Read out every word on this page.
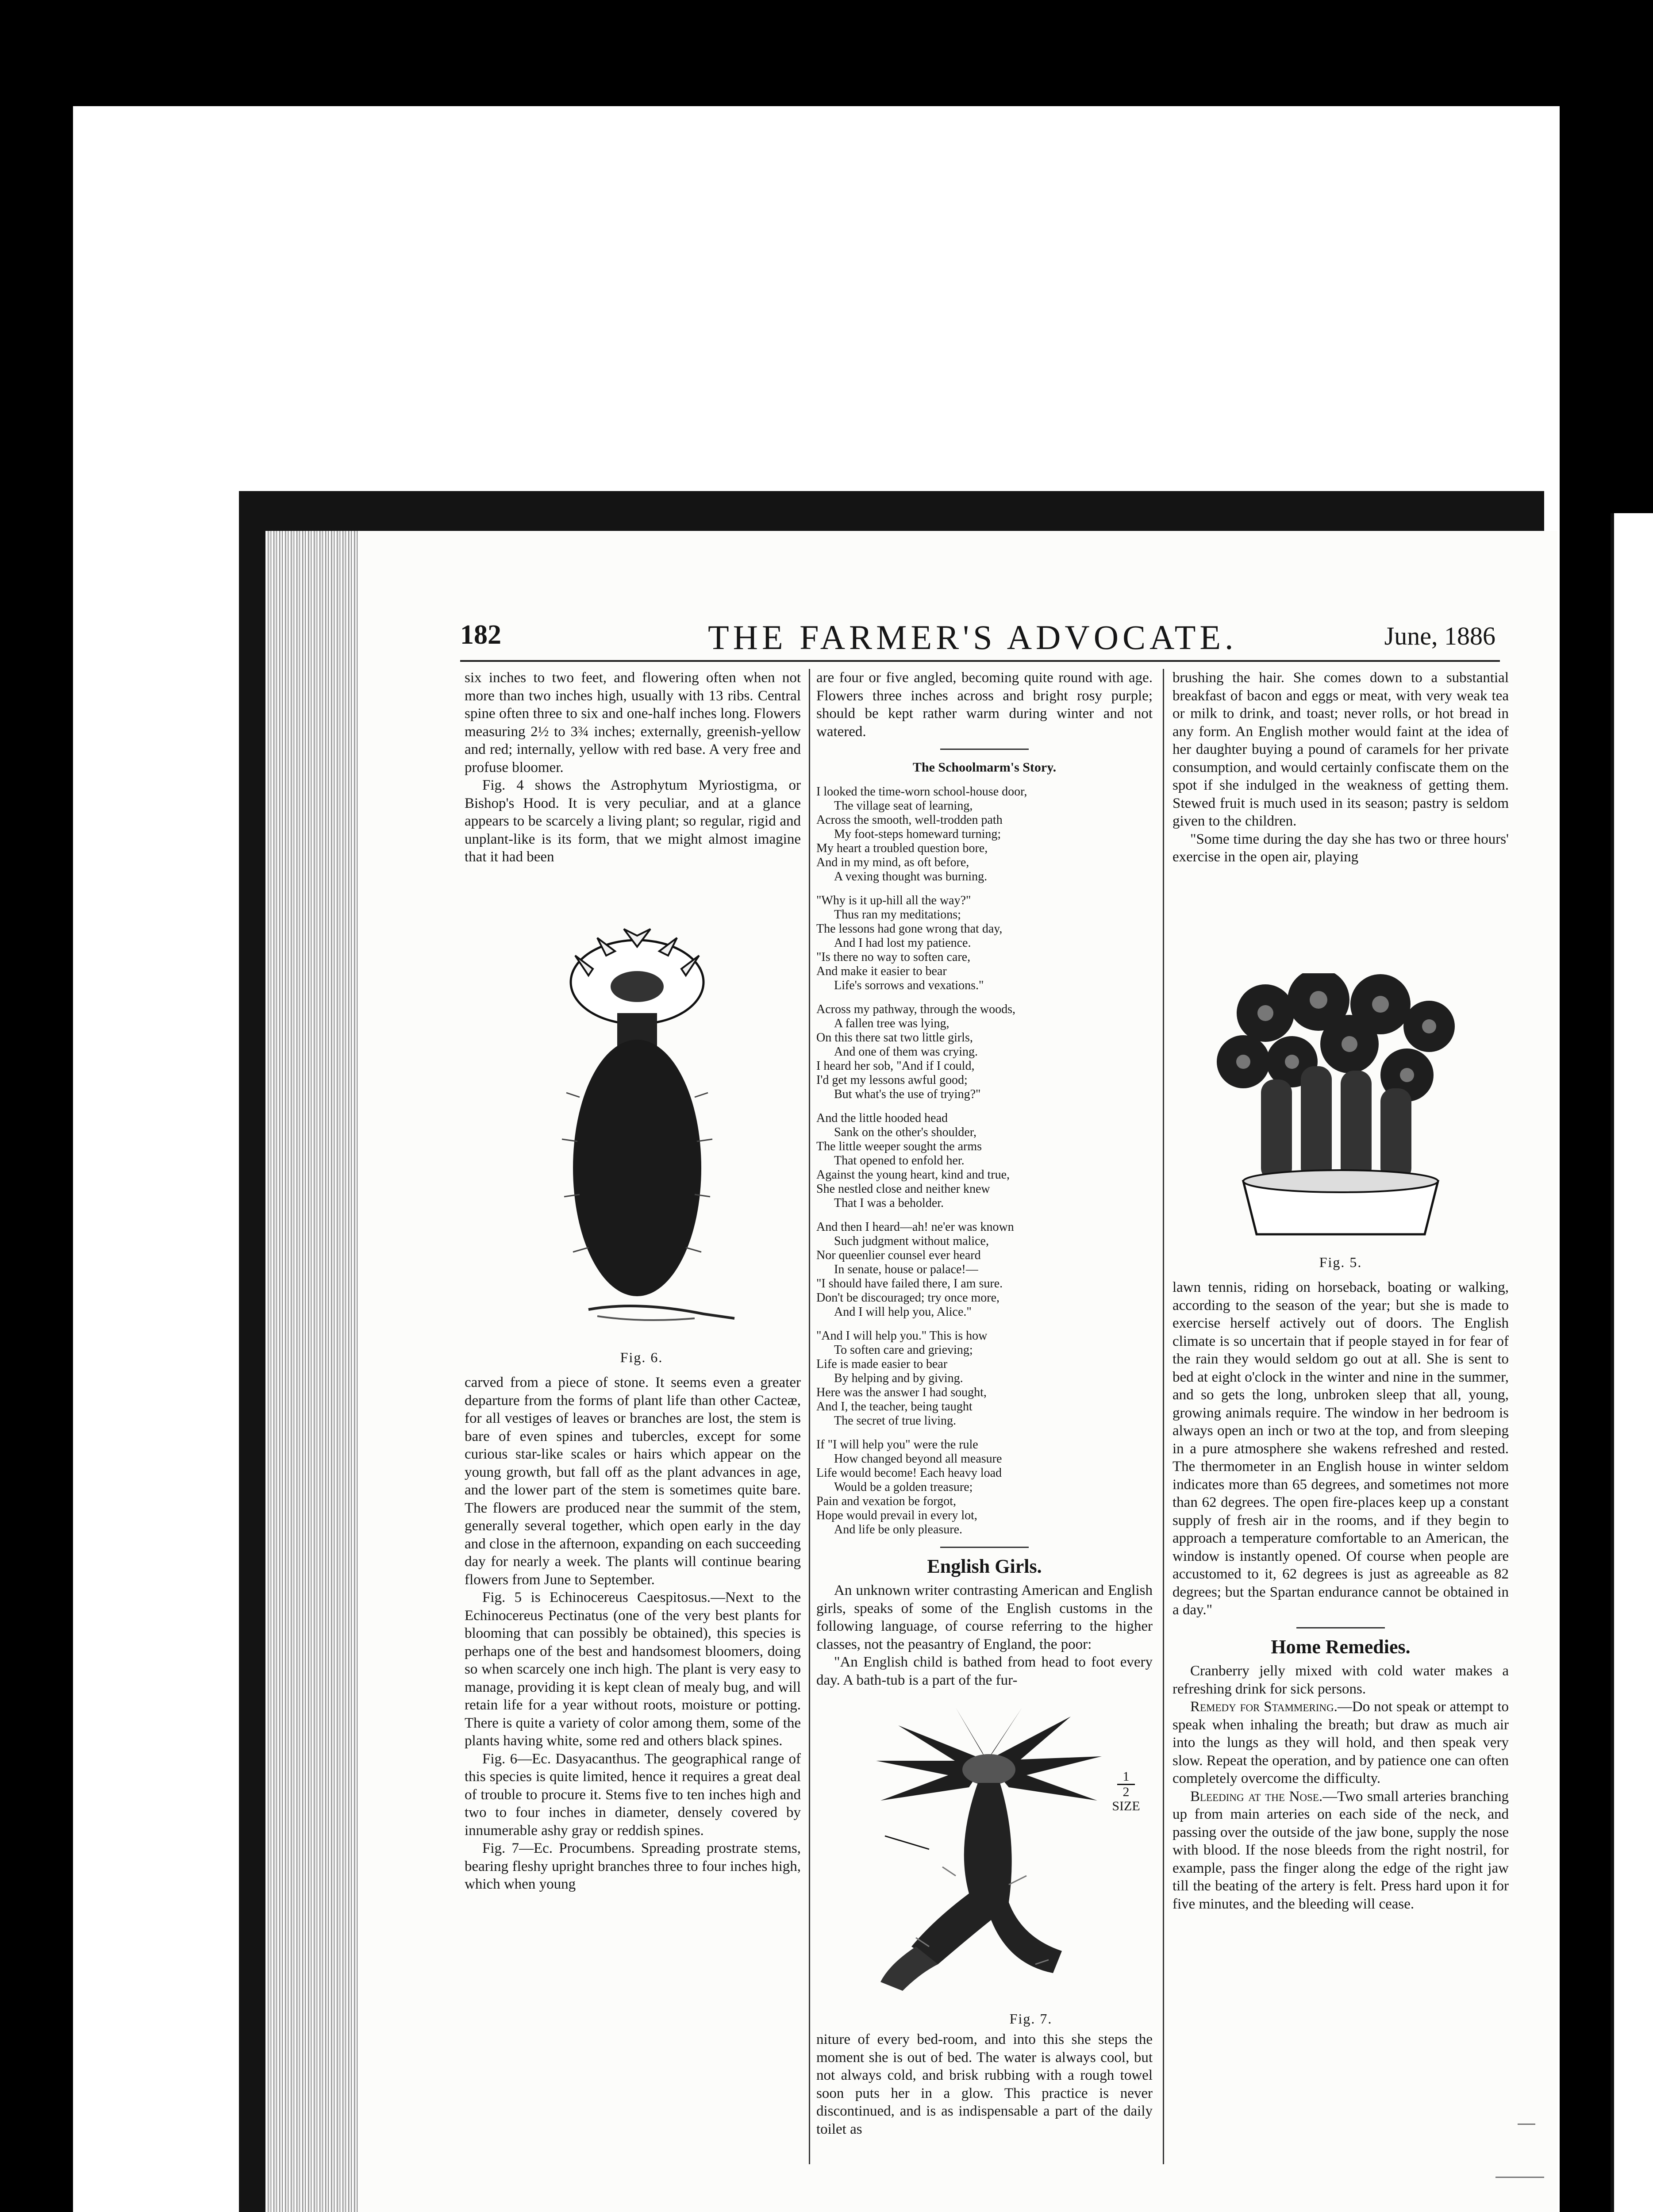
182	THE FARMER'S ADVOCATE.	June, 1886

six inches to two feet, and flowering often when not more than two inches high, usually with 13 ribs. Central spine often three to six and one-half inches long. Flowers measuring 2½ to 3¾ inches; externally, greenish-yellow and red; internally, yellow with red base. A very free and profuse bloomer.

Fig. 4 shows the Astrophytum Myriostigma, or Bishop's Hood. It is very peculiar, and at a glance appears to be scarcely a living plant; so regular, rigid and unplant-like is its form, that we might almost imagine that it had been

Fig. 6.

carved from a piece of stone. It seems even a greater departure from the forms of plant life than other Cacteæ, for all vestiges of leaves or branches are lost, the stem is bare of even spines and tubercles, except for some curious star-like scales or hairs which appear on the young growth, but fall off as the plant advances in age, and the lower part of the stem is sometimes quite bare. The flowers are produced near the summit of the stem, generally several together, which open early in the day and close in the afternoon, expanding on each succeeding day for nearly a week. The plants will continue bearing flowers from June to September.

Fig. 5 is Echinocereus Caespitosus.—Next to the Echinocereus Pectinatus (one of the very best plants for blooming that can possibly be obtained), this species is perhaps one of the best and handsomest bloomers, doing so when scarcely one inch high. The plant is very easy to manage, providing it is kept clean of mealy bug, and will retain life for a year without roots, moisture or potting. There is quite a variety of color among them, some of the plants having white, some red and others black spines.

Fig. 6—Ec. Dasyacanthus. The geographical range of this species is quite limited, hence it requires a great deal of trouble to procure it. Stems five to ten inches high and two to four inches in diameter, densely covered by innumerable ashy gray or reddish spines.

Fig. 7—Ec. Procumbens. Spreading prostrate stems, bearing fleshy upright branches three to four inches high, which when young

are four or five angled, becoming quite round with age. Flowers three inches across and bright rosy purple; should be kept rather warm during winter and not watered.

The Schoolmarm's Story.
I looked the time-worn school-house door,
The village seat of learning,
Across the smooth, well-trodden path
My foot-steps homeward turning;
My heart a troubled question bore,
And in my mind, as oft before,
A vexing thought was burning.
"Why is it up-hill all the way?"
Thus ran my meditations;
The lessons had gone wrong that day,
And I had lost my patience.
"Is there no way to soften care,
And make it easier to bear
Life's sorrows and vexations."
Across my pathway, through the woods,
A fallen tree was lying,
On this there sat two little girls,
And one of them was crying.
I heard her sob, "And if I could,
I'd get my lessons awful good;
But what's the use of trying?"
And the little hooded head
Sank on the other's shoulder,
The little weeper sought the arms
That opened to enfold her.
Against the young heart, kind and true,
She nestled close and neither knew
That I was a beholder.
And then I heard—ah! ne'er was known
Such judgment without malice,
Nor queenlier counsel ever heard
In senate, house or palace!—
"I should have failed there, I am sure.
Don't be discouraged; try once more,
And I will help you, Alice."
"And I will help you." This is how
To soften care and grieving;
Life is made easier to bear
By helping and by giving.
Here was the answer I had sought,
And I, the teacher, being taught
The secret of true living.
If "I will help you" were the rule
How changed beyond all measure
Life would become! Each heavy load
Would be a golden treasure;
Pain and vexation be forgot,
Hope would prevail in every lot,
And life be only pleasure.
English Girls.

An unknown writer contrasting American and English girls, speaks of some of the English customs in the following language, of course referring to the higher classes, not the peasantry of England, the poor:

"An English child is bathed from head to foot every day. A bath-tub is a part of the fur-

1
2
SIZE
Fig. 7.

niture of every bed-room, and into this she steps the moment she is out of bed. The water is always cool, but not always cold, and brisk rubbing with a rough towel soon puts her in a glow. This practice is never discontinued, and is as indispensable a part of the daily toilet as

brushing the hair. She comes down to a substantial breakfast of bacon and eggs or meat, with very weak tea or milk to drink, and toast; never rolls, or hot bread in any form. An English mother would faint at the idea of her daughter buying a pound of caramels for her private consumption, and would certainly confiscate them on the spot if she indulged in the weakness of getting them. Stewed fruit is much used in its season; pastry is seldom given to the children.

"Some time during the day she has two or three hours' exercise in the open air, playing

Fig. 5.

lawn tennis, riding on horseback, boating or walking, according to the season of the year; but she is made to exercise herself actively out of doors. The English climate is so uncertain that if people stayed in for fear of the rain they would seldom go out at all. She is sent to bed at eight o'clock in the winter and nine in the summer, and so gets the long, unbroken sleep that all, young, growing animals require. The window in her bedroom is always open an inch or two at the top, and from sleeping in a pure atmosphere she wakens refreshed and rested. The thermometer in an English house in winter seldom indicates more than 65 degrees, and sometimes not more than 62 degrees. The open fire-places keep up a constant supply of fresh air in the rooms, and if they begin to approach a temperature comfortable to an American, the window is instantly opened. Of course when people are accustomed to it, 62 degrees is just as agreeable as 82 degrees; but the Spartan endurance cannot be obtained in a day."

Home Remedies.

Cranberry jelly mixed with cold water makes a refreshing drink for sick persons.

Remedy for Stammering.—Do not speak or attempt to speak when inhaling the breath; but draw as much air into the lungs as they will hold, and then speak very slow. Repeat the operation, and by patience one can often completely overcome the difficulty.

Bleeding at the Nose.—Two small arteries branching up from main arteries on each side of the neck, and passing over the outside of the jaw bone, supply the nose with blood. If the nose bleeds from the right nostril, for example, pass the finger along the edge of the right jaw till the beating of the artery is felt. Press hard upon it for five minutes, and the bleeding will cease.
